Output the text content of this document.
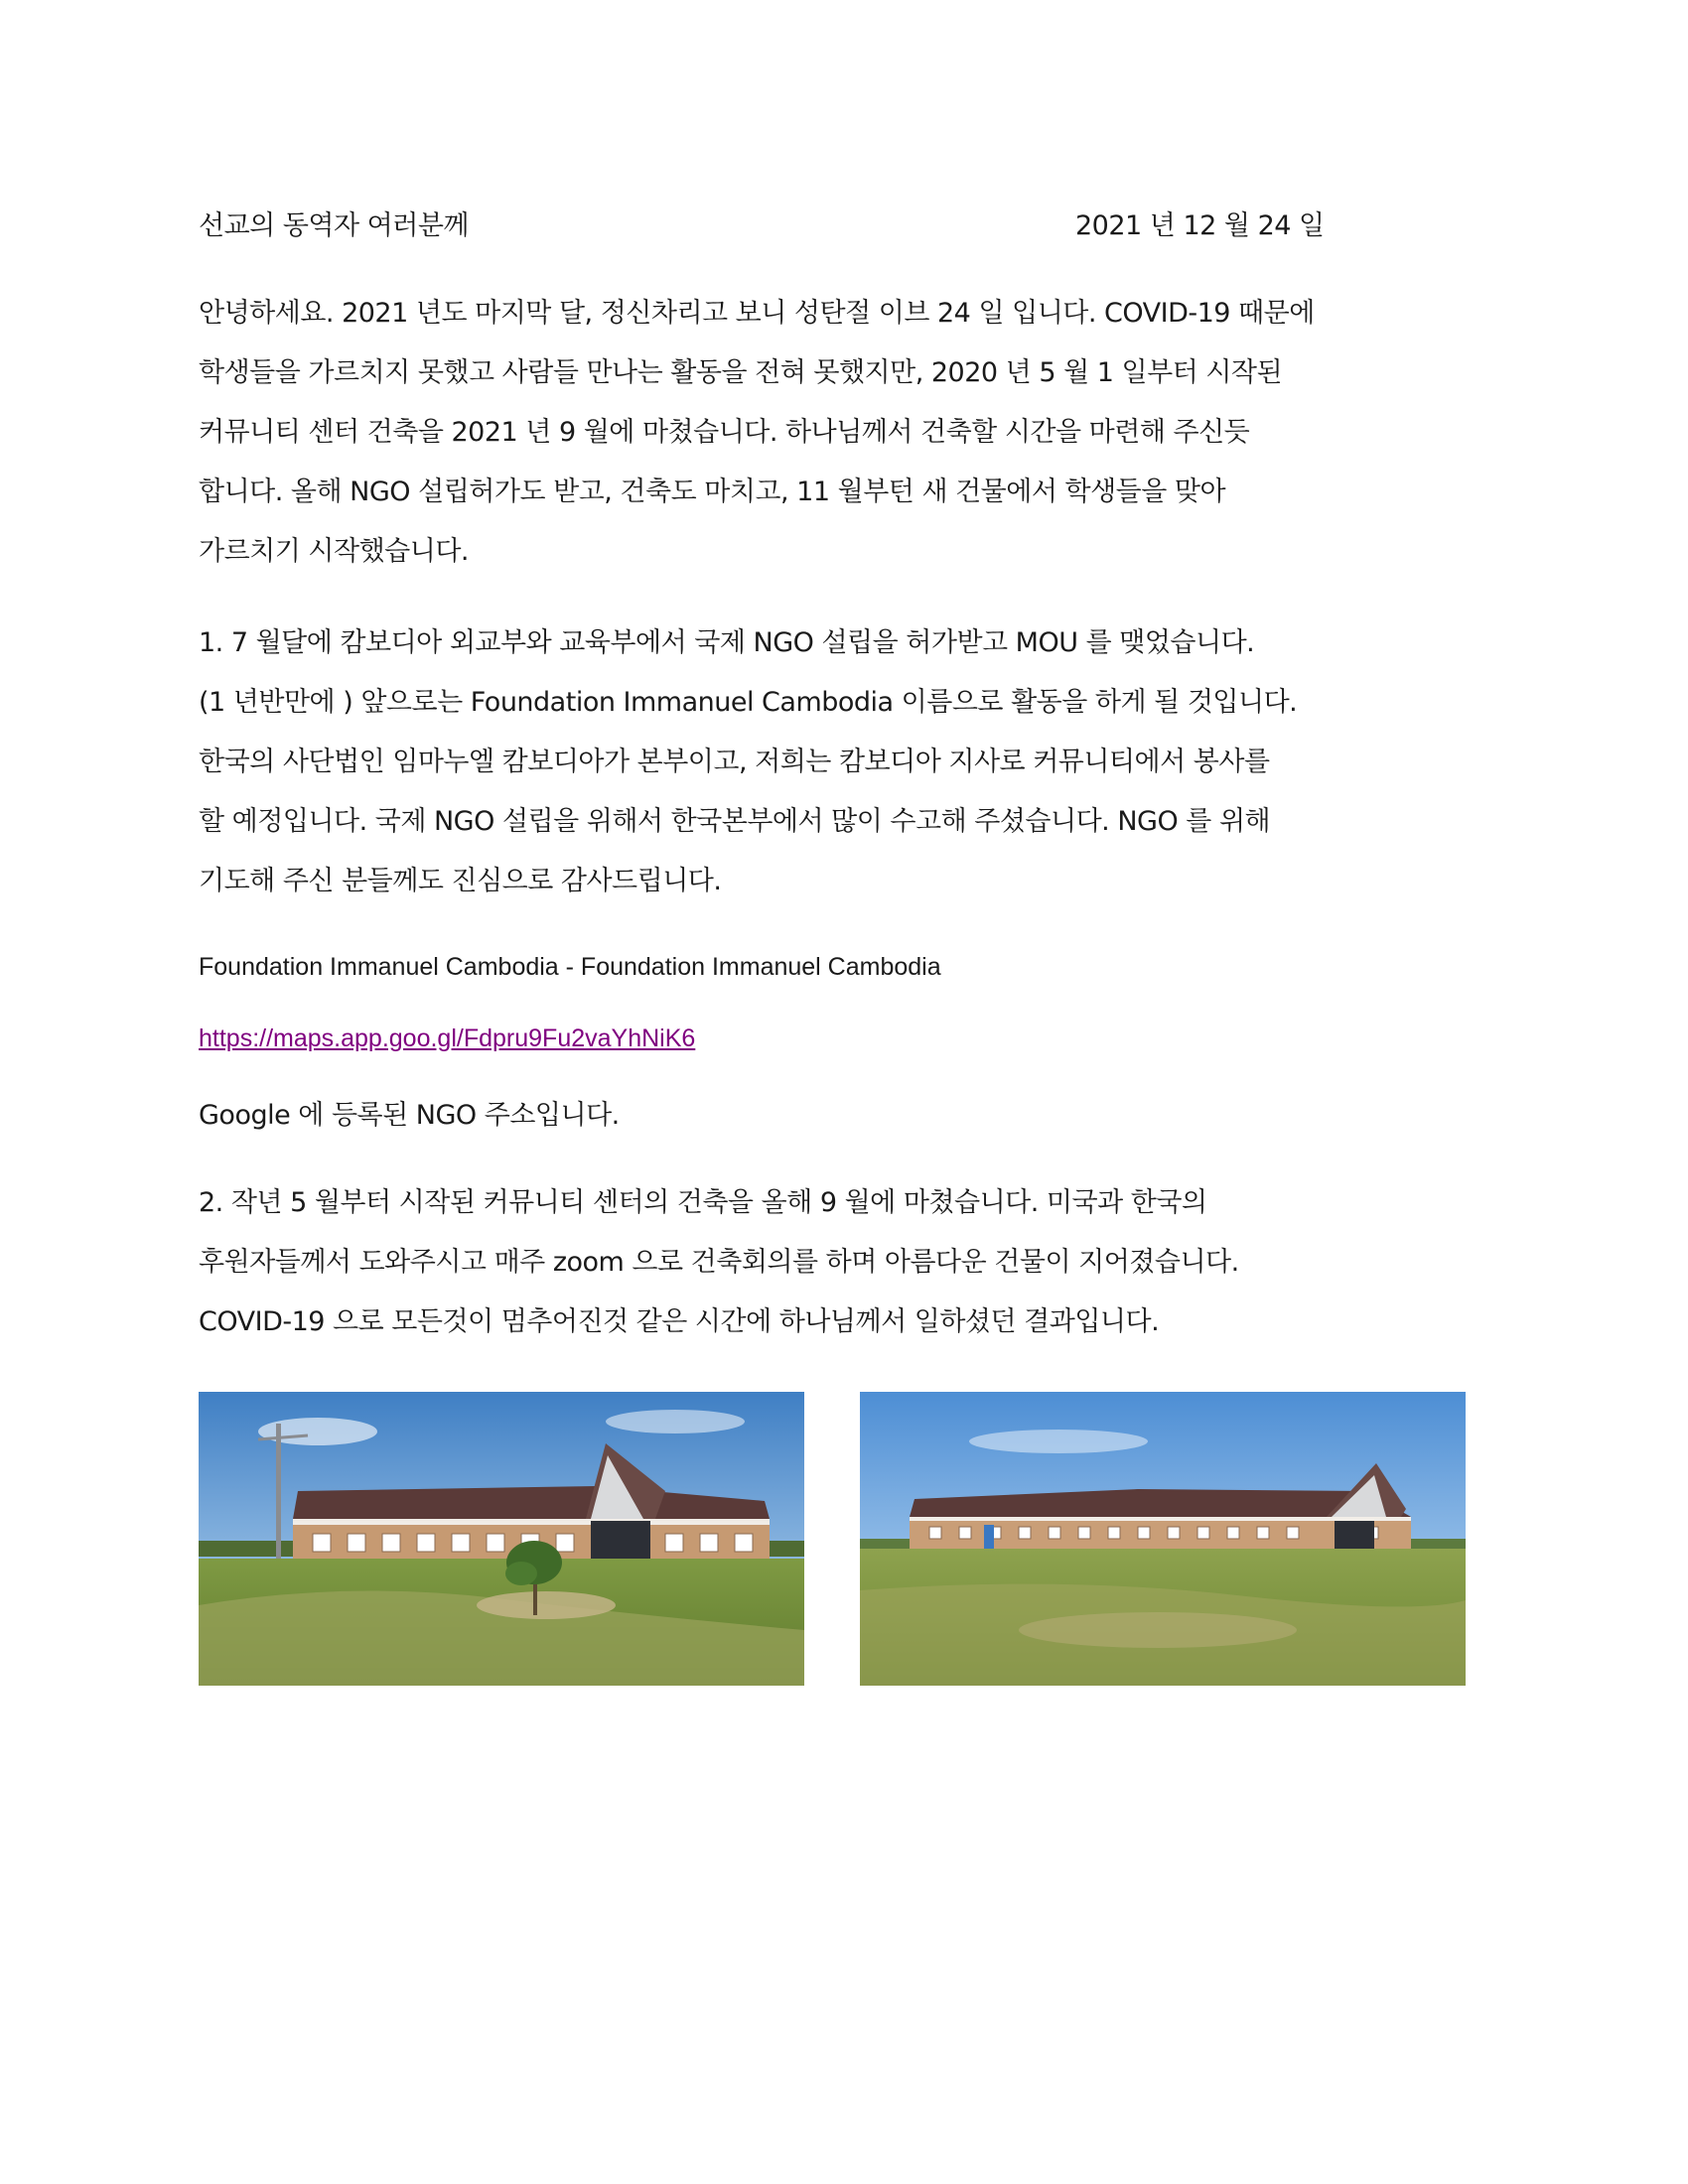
선교의 동역자 여러분께	2021 년 12 월 24 일
안녕하세요. 2021 년도 마지막 달, 정신차리고 보니 성탄절 이브 24 일 입니다. COVID-19 때문에
학생들을 가르치지 못했고 사람들 만나는 활동을 전혀 못했지만, 2020 년 5 월 1 일부터 시작된
커뮤니티 센터 건축을 2021 년 9 월에 마쳤습니다. 하나님께서 건축할 시간을 마련해 주신듯
합니다. 올해 NGO 설립허가도 받고, 건축도 마치고, 11 월부턴 새 건물에서 학생들을 맞아
가르치기 시작했습니다.
1. 7 월달에 캄보디아 외교부와 교육부에서 국제 NGO 설립을 허가받고 MOU 를 맺었습니다.
(1 년반만에 ) 앞으로는 Foundation Immanuel Cambodia 이름으로 활동을 하게 될 것입니다.
한국의 사단법인 임마누엘 캄보디아가 본부이고, 저희는 캄보디아 지사로 커뮤니티에서 봉사를
할 예정입니다. 국제 NGO 설립을 위해서 한국본부에서 많이 수고해 주셨습니다. NGO 를 위해
기도해 주신 분들께도 진심으로 감사드립니다.
Foundation Immanuel Cambodia - Foundation Immanuel Cambodia
https://maps.app.goo.gl/Fdpru9Fu2vaYhNiK6
Google 에 등록된 NGO 주소입니다.
2. 작년 5 월부터 시작된 커뮤니티 센터의 건축을 올해 9 월에 마쳤습니다. 미국과 한국의
후원자들께서 도와주시고 매주 zoom 으로 건축회의를 하며 아름다운 건물이 지어졌습니다.
COVID-19 으로 모든것이 멈추어진것 같은 시간에 하나님께서 일하셨던 결과입니다.
